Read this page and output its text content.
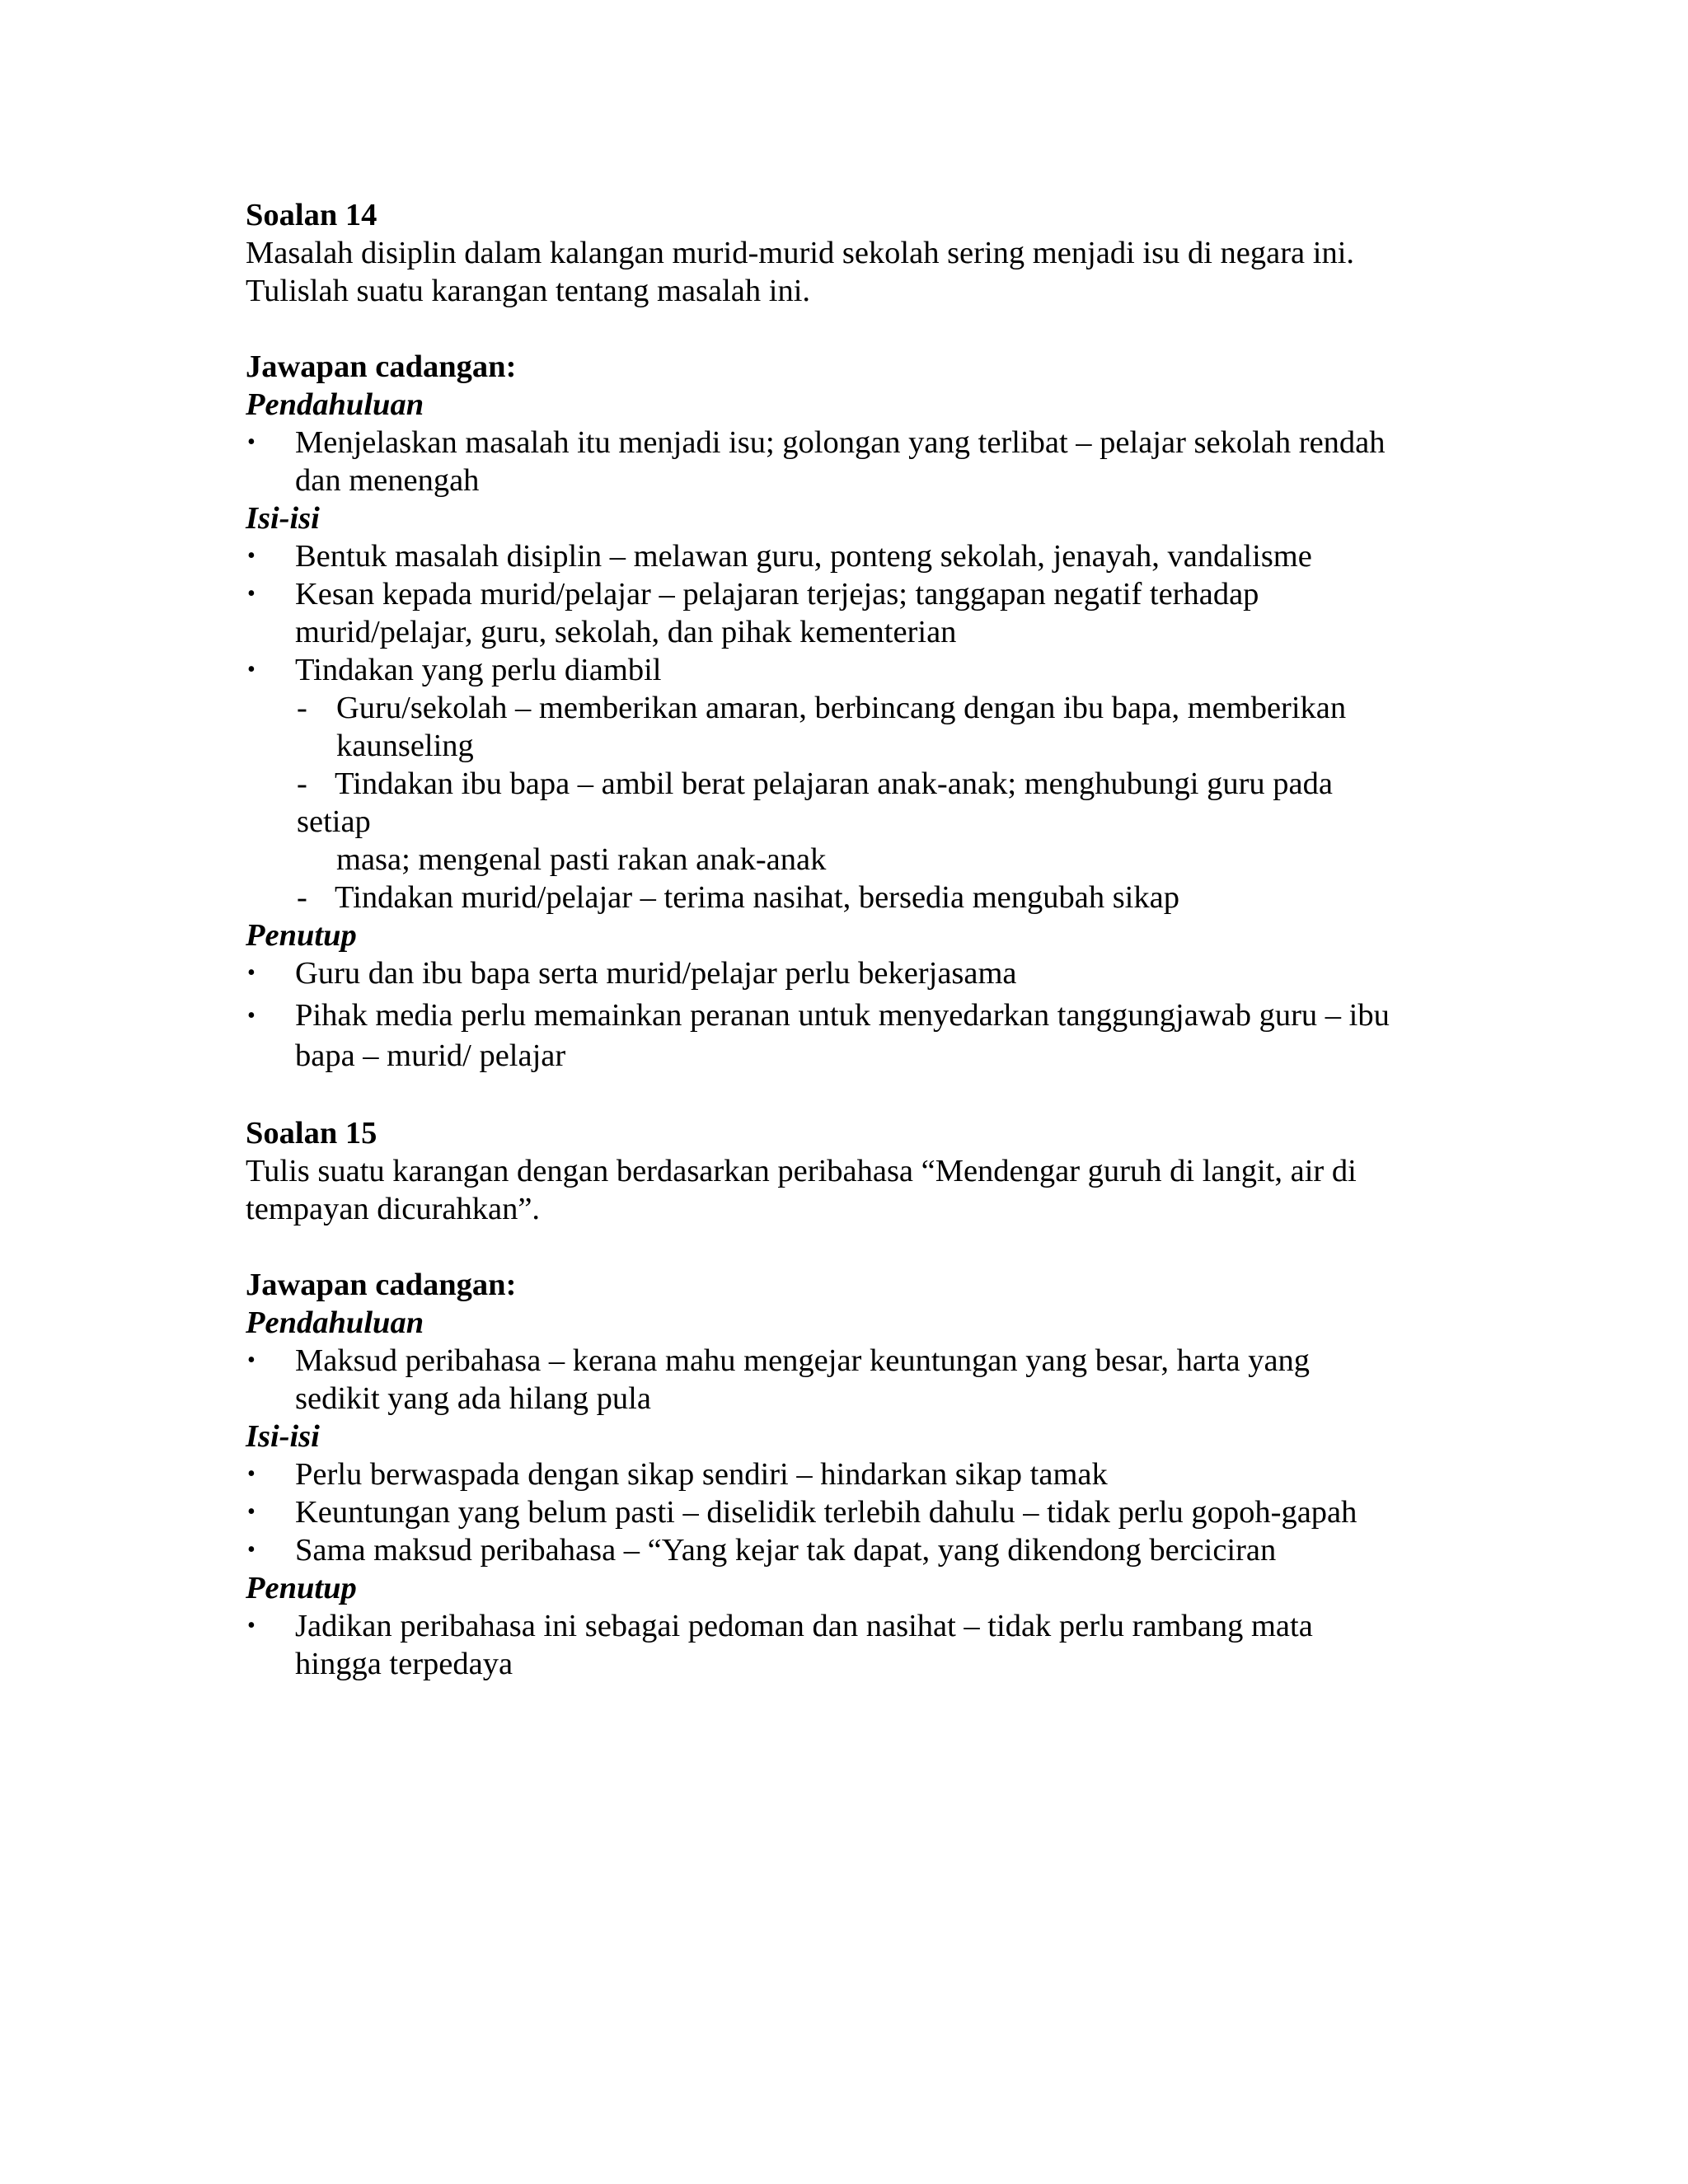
Soalan 14
Masalah disiplin dalam kalangan murid-murid sekolah sering menjadi isu di negara ini.
Tulislah suatu karangan tentang masalah ini.
Jawapan cadangan:
Pendahuluan
• Menjelaskan masalah itu menjadi isu; golongan yang terlibat – pelajar sekolah rendah
dan menengah
Isi-isi
• Bentuk masalah disiplin – melawan guru, ponteng sekolah, jenayah, vandalisme
• Kesan kepada murid/pelajar – pelajaran terjejas; tanggapan negatif terhadap
murid/pelajar, guru, sekolah, dan pihak kementerian
• Tindakan yang perlu diambil
- Guru/sekolah – memberikan amaran, berbincang dengan ibu bapa, memberikan
kaunseling
- Tindakan ibu bapa – ambil berat pelajaran anak-anak; menghubungi guru pada
setiap
masa; mengenal pasti rakan anak-anak
- Tindakan murid/pelajar – terima nasihat, bersedia mengubah sikap
Penutup
• Guru dan ibu bapa serta murid/pelajar perlu bekerjasama
• Pihak media perlu memainkan peranan untuk menyedarkan tanggungjawab guru – ibu
bapa – murid/ pelajar
Soalan 15
Tulis suatu karangan dengan berdasarkan peribahasa “Mendengar guruh di langit, air di
tempayan dicurahkan”.
Jawapan cadangan:
Pendahuluan
• Maksud peribahasa – kerana mahu mengejar keuntungan yang besar, harta yang
sedikit yang ada hilang pula
Isi-isi
• Perlu berwaspada dengan sikap sendiri – hindarkan sikap tamak
• Keuntungan yang belum pasti – diselidik terlebih dahulu – tidak perlu gopoh-gapah
• Sama maksud peribahasa – “Yang kejar tak dapat, yang dikendong berciciran
Penutup
• Jadikan peribahasa ini sebagai pedoman dan nasihat – tidak perlu rambang mata
hingga terpedaya
